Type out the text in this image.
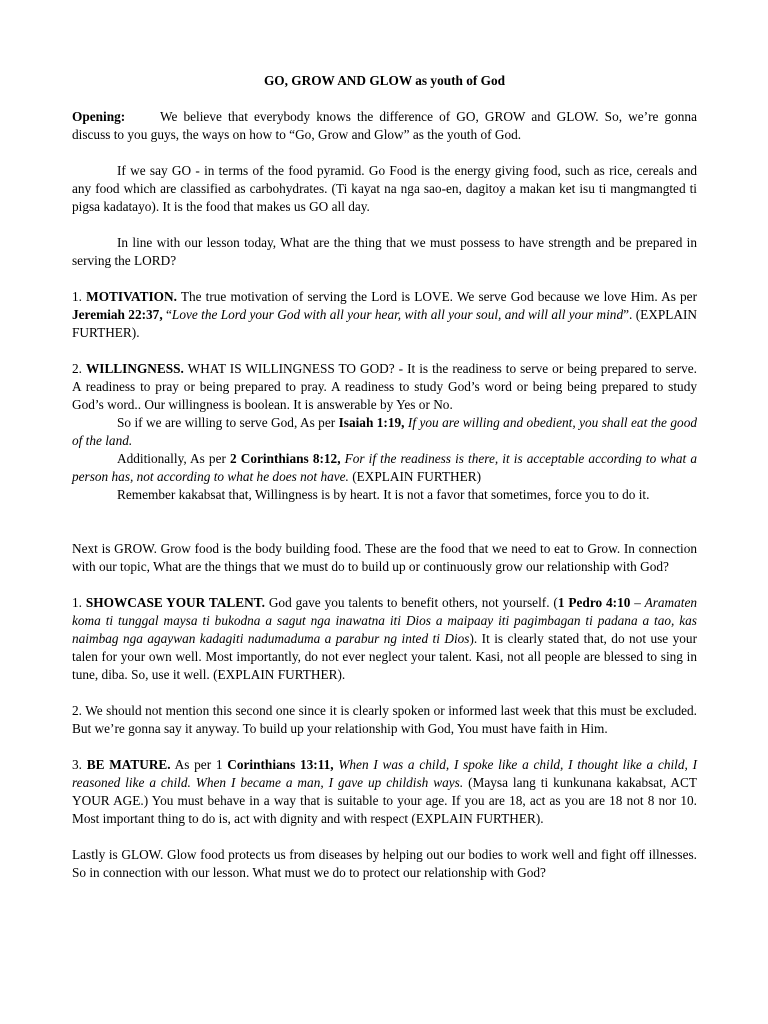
GO, GROW AND GLOW as youth of God

Opening:	We believe that everybody knows the difference of GO, GROW and GLOW. So, we’re gonna discuss to you guys, the ways on how to “Go, Grow and Glow” as the youth of God.

If we say GO - in terms of the food pyramid. Go Food is the energy giving food, such as rice, cereals and any food which are classified as carbohydrates. (Ti kayat na nga sao-en, dagitoy a makan ket isu ti mangmangted ti pigsa kadatayo). It is the food that makes us GO all day.

In line with our lesson today, What are the thing that we must possess to have strength and be prepared in serving the LORD?

1. MOTIVATION. The true motivation of serving the Lord is LOVE. We serve God because we love Him. As per Jeremiah 22:37, “Love the Lord your God with all your hear, with all your soul, and will all your mind”. (EXPLAIN FURTHER).

2. WILLINGNESS. WHAT IS WILLINGNESS TO GOD? - It is the readiness to serve or being prepared to serve. A readiness to pray or being prepared to pray. A readiness to study God’s word or being being prepared to study God’s word.. Our willingness is boolean. It is answerable by Yes or No.

So if we are willing to serve God, As per Isaiah 1:19, If you are willing and obedient, you shall eat the good of the land.

Additionally, As per 2 Corinthians 8:12, For if the readiness is there, it is acceptable according to what a person has, not according to what he does not have. (EXPLAIN FURTHER)

Remember kakabsat that, Willingness is by heart. It is not a favor that sometimes, force you to do it.

Next is GROW. Grow food is the body building food. These are the food that we need to eat to Grow. In connection with our topic, What are the things that we must do to build up or continuously grow our relationship with God?

1. SHOWCASE YOUR TALENT. God gave you talents to benefit others, not yourself. (1 Pedro 4:10 – Aramaten koma ti tunggal maysa ti bukodna a sagut nga inawatna iti Dios a maipaay iti pagimbagan ti padana a tao, kas naimbag nga agaywan kadagiti nadumaduma a parabur ng inted ti Dios). It is clearly stated that, do not use your talen for your own well. Most importantly, do not ever neglect your talent. Kasi, not all people are blessed to sing in tune, diba. So, use it well. (EXPLAIN FURTHER).

2. We should not mention this second one since it is clearly spoken or informed last week that this must be excluded. But we’re gonna say it anyway. To build up your relationship with God, You must have faith in Him.

3. BE MATURE. As per 1 Corinthians 13:11, When I was a child, I spoke like a child, I thought like a child, I reasoned like a child. When I became a man, I gave up childish ways. (Maysa lang ti kunkunana kakabsat, ACT YOUR AGE.) You must behave in a way that is suitable to your age. If you are 18, act as you are 18 not 8 nor 10. Most important thing to do is, act with dignity and with respect (EXPLAIN FURTHER).

Lastly is GLOW. Glow food protects us from diseases by helping out our bodies to work well and fight off illnesses. So in connection with our lesson. What must we do to protect our relationship with God?
